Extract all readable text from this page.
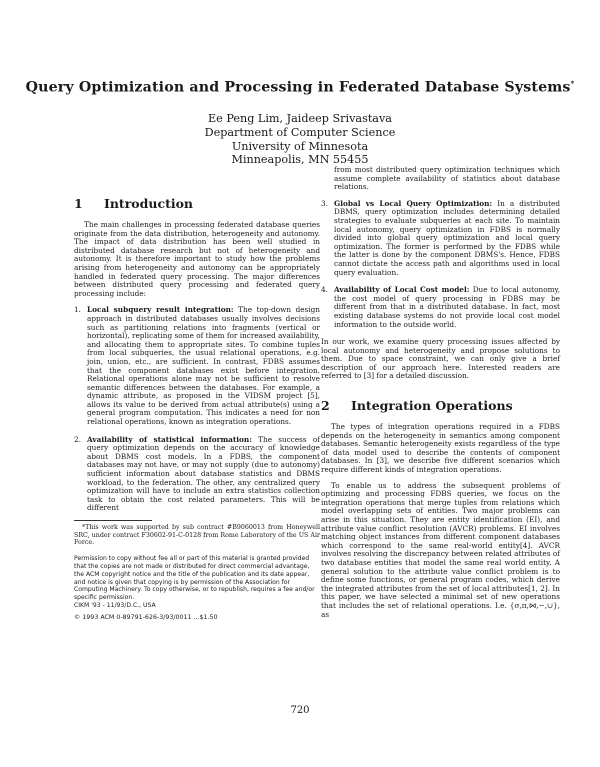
Query Optimization and Processing in Federated Database Systems*
Ee Peng Lim, Jaideep Srivastava
Department of Computer Science
University of Minnesota
Minneapolis, MN 55455
1 Introduction

The main challenges in processing federated database queries originate from the data distribution, heterogeneity and autonomy. The impact of data distribution has been well studied in distributed database research but not of heterogeneity and autonomy. It is therefore important to study how the problems arising from heterogeneity and autonomy can be appropriately handled in federated query processing. The major differences between distributed query processing and federated query processing include:

1. Local subquery result integration: The top-down design approach in distributed databases usually involves decisions such as partitioning relations into fragments (vertical or horizontal), replicating some of them for increased availability, and allocating them to appropriate sites. To combine tuples from local subqueries, the usual relational operations, e.g. join, union, etc., are sufficient. In contrast, FDBS assumes that the component databases exist before integration. Relational operations alone may not be sufficient to resolve semantic differences between the databases. For example, a dynamic attribute, as proposed in the VIDSM project [5], allows its value to be derived from actual attribute(s) using a general program computation. This indicates a need for non relational operations, known as integration operations.
2. Availability of statistical information: The success of query optimization depends on the accuracy of knowledge about DBMS cost models. In a FDBS, the component databases may not have, or may not supply (due to autonomy) sufficient information about database statistics and DBMS workload, to the federation. The other, any centralized query optimization will have to include an extra statistics collection task to obtain the cost related parameters. This will be different

*This work was supported by sub contract #B9060013 from Honeywell SRC, under contract F30602-91-C-0128 from Rome Laboratory of the US Air Force.

Permission to copy without fee all or part of this material is granted provided that the copies are not made or distributed for direct commercial advantage, the ACM copyright notice and the title of the publication and its date appear, and notice is given that copying is by permission of the Association for Computing Machinery. To copy otherwise, or to republish, requires a fee and/or specific permission.
CIKM '93 - 11/93/D.C., USA
© 1993 ACM 0-89791-626-3/93/0011 ...$1.50

from most distributed query optimization techniques which assume complete availability of statistics about database relations.

3. Global vs Local Query Optimization: In a distributed DBMS, query optimization includes determining detailed strategies to evaluate subqueries at each site. To maintain local autonomy, query optimization in FDBS is normally divided into global query optimization and local query optimization. The former is performed by the FDBS while the latter is done by the component DBMS's. Hence, FDBS cannot dictate the access path and algorithms used in local query evaluation.
4. Availability of Local Cost model: Due to local autonomy, the cost model of query processing in FDBS may be different from that in a distributed database. In fact, most existing database systems do not provide local cost model information to the outside world.

In our work, we examine query processing issues affected by local autonomy and heterogeneity and propose solutions to them. Due to space constraint, we can only give a brief description of our approach here. Interested readers are referred to [3] for a detailed discussion.

2 Integration Operations

The types of integration operations required in a FDBS depends on the heterogeneity in semantics among component databases. Semantic heterogeneity exists regardless of the type of data model used to describe the contents of component databases. In [3], we describe five different scenarios which require different kinds of integration operations.

To enable us to address the subsequent problems of optimizing and processing FDBS queries, we focus on the integration operations that merge tuples from relations which model overlapping sets of entities. Two major problems can arise in this situation. They are entity identification (EI), and attribute value conflict resolution (AVCR) problems. EI involves matching object instances from different component databases which correspond to the same real-world entity[4]. AVCR involves resolving the discrepancy between related attributes of two database entities that model the same real world entity. A general solution to the attribute value conflict problem is to define some functions, or general program codes, which derive the integrated attributes from the set of local attributes[1, 2]. In this paper, we have selected a minimal set of new operations that includes the set of relational operations. I.e. {σ,π,⋈,−,∪}, as

720
